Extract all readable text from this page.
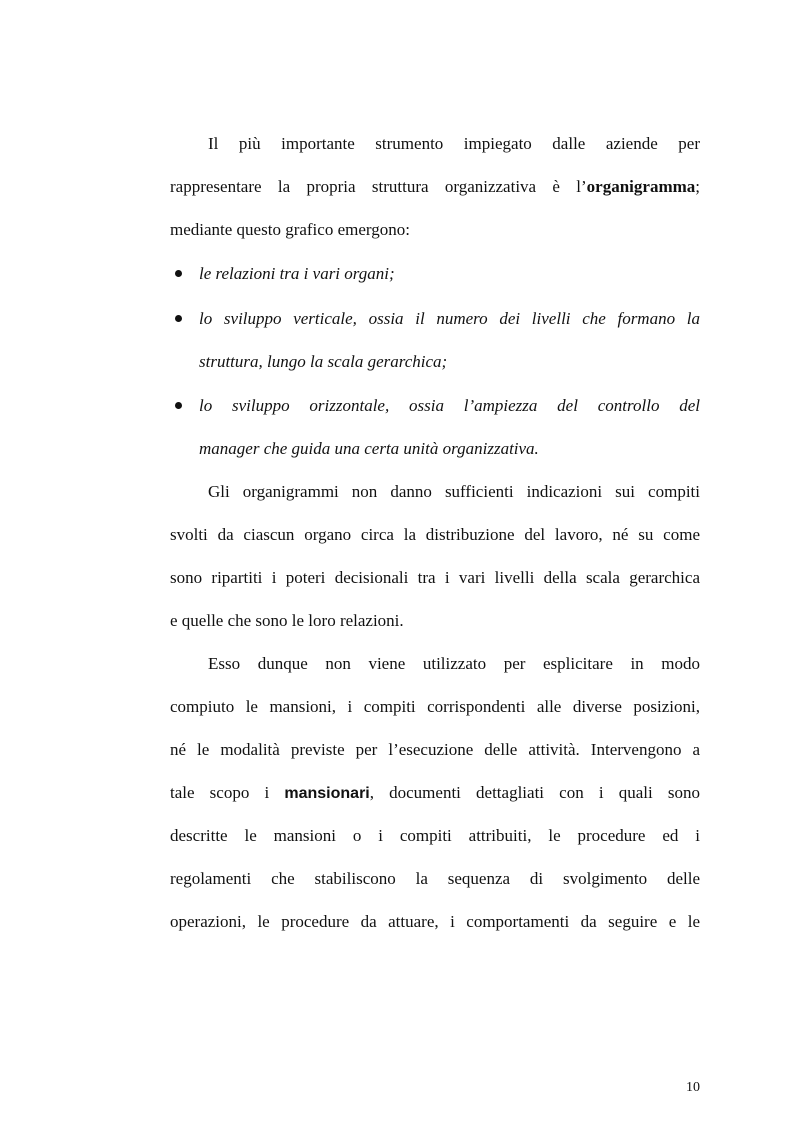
Il più importante strumento impiegato dalle aziende per
rappresentare la propria struttura organizzativa è l’organigramma;
mediante questo grafico emergono:
le relazioni tra i vari organi;
lo sviluppo verticale, ossia il numero dei livelli che formano la
struttura, lungo la scala gerarchica;
lo sviluppo orizzontale, ossia l’ampiezza del controllo del
manager che guida una certa unità organizzativa.
Gli organigrammi non danno sufficienti indicazioni sui compiti
svolti da ciascun organo circa la distribuzione del lavoro, né su come
sono ripartiti i poteri decisionali tra i vari livelli della scala gerarchica
e quelle che sono le loro relazioni.
Esso dunque non viene utilizzato per esplicitare in modo
compiuto le mansioni, i compiti corrispondenti alle diverse posizioni,
né le modalità previste per l’esecuzione delle attività. Intervengono a
tale scopo i mansionari, documenti dettagliati con i quali sono
descritte le mansioni o i compiti attribuiti, le procedure ed i
regolamenti che stabiliscono la sequenza di svolgimento delle
operazioni, le procedure da attuare, i comportamenti da seguire e le
10
